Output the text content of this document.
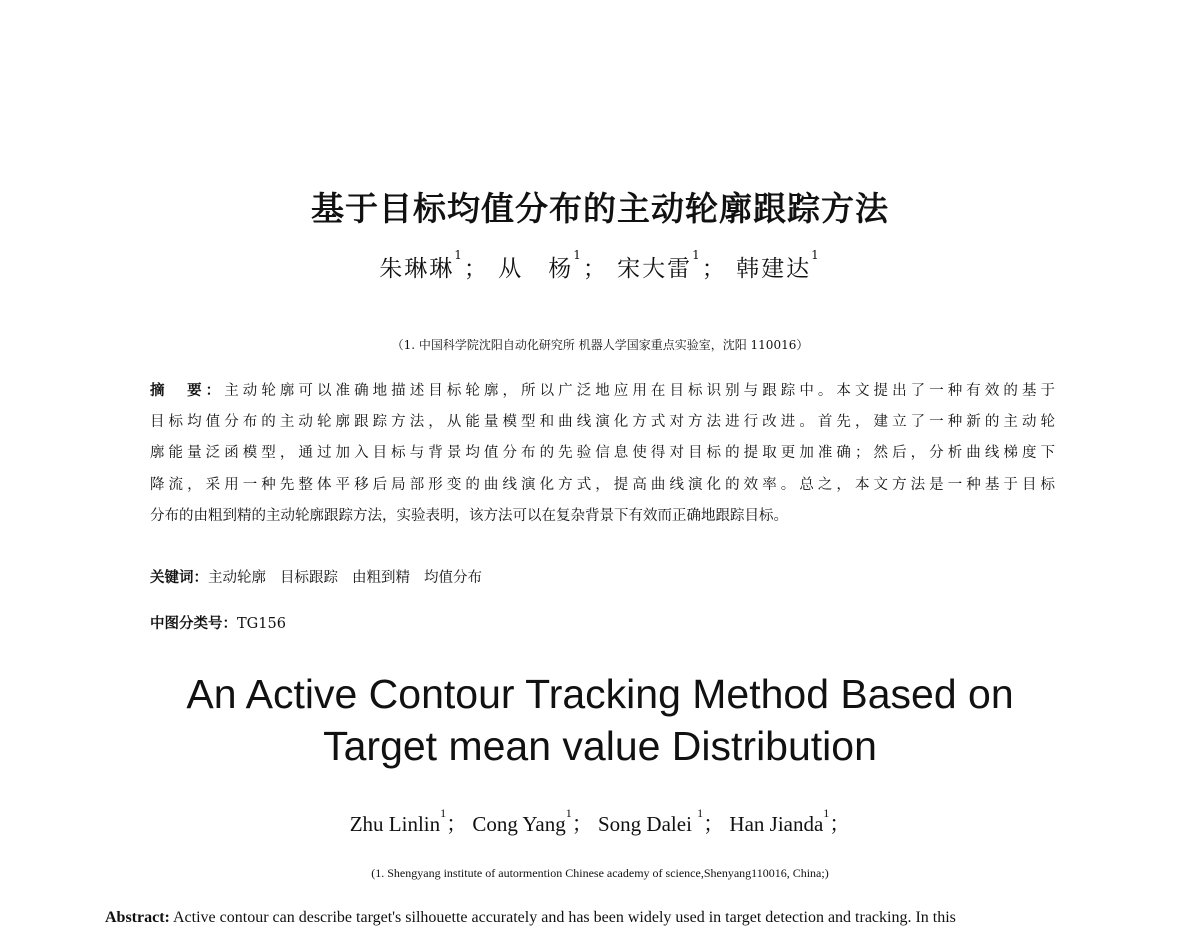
基于目标均值分布的主动轮廓跟踪方法
朱琳琳$^1$； 从　杨$^1$； 宋大雷$^1$； 韩建达$^1$
（1. 中国科学院沈阳自动化研究所 机器人学国家重点实验室，沈阳 110016）
摘　要：主动轮廓可以准确地描述目标轮廓，所以广泛地应用在目标识别与跟踪中。本文提出了一种有效的基于
目标均值分布的主动轮廓跟踪方法，从能量模型和曲线演化方式对方法进行改进。首先，建立了一种新的主动轮
廓能量泛函模型，通过加入目标与背景均值分布的先验信息使得对目标的提取更加准确；然后，分析曲线梯度下
降流，采用一种先整体平移后局部形变的曲线演化方式，提高曲线演化的效率。总之，本文方法是一种基于目标
分布的由粗到精的主动轮廓跟踪方法，实验表明，该方法可以在复杂背景下有效而正确地跟踪目标。
关键词：主动轮廓 目标跟踪 由粗到精 均值分布
中图分类号：TG156
An Active Contour Tracking Method Based on
Target mean value Distribution
Zhu Linlin$^1$； Cong Yang$^1$； Song Dalei $^1$； Han Jianda$^1$；
(1. Shengyang institute of autormention Chinese academy of science,Shenyang110016, China;)
Abstract: Active contour can describe target's silhouette accurately and has been widely used in target detection and tracking. In this
